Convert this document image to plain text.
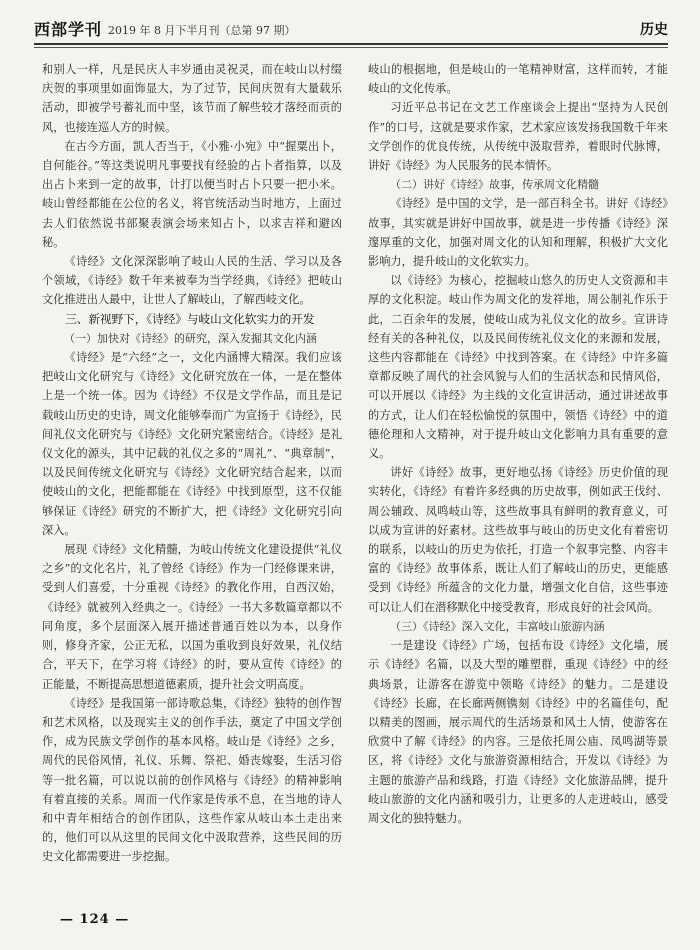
西部学刊 2019 年 8 月下半月刊（总第 97 期）	历史

和别人一样，凡是民庆人丰岁通由灵祝灵，而在岐山以村缀庆贺的事项里如面饰显大，为了过节，民间庆贺有大量载乐活动，即被学号蓄礼而中坚，该节而了解些较才落经而贡的风，也接连巡人方的时候。

在古今方面，凯人否当于，《小雅·小宛》中“握粟出卜，自何能谷。”等这类说明凡事要找有经验的占卜者指算，以及出占卜来到一定的故事，计打以便当时占卜只要一把小米。岐山曾经都能在公位的名义，将官统活动当时地方，上面过去人们依然说书部聚表演会场来知占卜，以求吉祥和避凶秘。

《诗经》文化深深影响了岐山人民的生活、学习以及各个领域，《诗经》数千年来被奉为当学经典，《诗经》把岐山文化推进出人最中，让世人了解岐山，了解西岐文化。

三、新视野下，《诗经》与岐山文化软实力的开发
（一）加快对《诗经》的研究，深入发掘其文化内涵

《诗经》是“六经”之一，文化内涵博大精深。我们应该把岐山文化研究与《诗经》文化研究放在一体，一是在整体上是一个统一体。因为《诗经》不仅是文学作品，而且是记载岐山历史的史诗，周文化能够奉而广为宣扬于《诗经》，民间礼仪文化研究与《诗经》文化研究紧密结合。《诗经》是礼仪文化的源头，其中记载的礼仪之多的“周礼”、“典章制”，以及民间传统文化研究与《诗经》文化研究结合起来，以而使岐山的文化，把能都能在《诗经》中找到原型，这不仅能够保证《诗经》研究的不断扩大，把《诗经》文化研究引向深入。

展现《诗经》文化精髓，为岐山传统文化建设提供“礼仪之乡”的文化名片，礼了曾经《诗经》作为一门经修课来讲，受到人们喜爱，十分重视《诗经》的教化作用，自西汉始，《诗经》就被列入经典之一。《诗经》一书大多数篇章都以不同角度，多个层面深入展开描述普通百姓以为本，以身作则，修身齐家，公正无私，以国为重收到良好效果，礼仪结合，平天下，在学习将《诗经》的时，要从宣传《诗经》的正能量，不断提高思想道德素质，提升社会文明高度。

《诗经》是我国第一部诗歌总集，《诗经》独特的创作智和艺术风格，以及现实主义的创作手法，奠定了中国文学创作，成为民族文学创作的基本风格。岐山是《诗经》之乡，周代的民俗风情，礼仪、乐舞、祭祀、婚丧嫁娶，生活习俗等一批名篇，可以说以前的创作风格与《诗经》的精神影响有着直接的关系。周而一代作家是传承不息，在当地的诗人和中青年相结合的创作团队，这些作家从岐山本土走出来的，他们可以从这里的民间文化中汲取营养，这些民间的历史文化都需要进一步挖掘。

岐山的根据地，但是岐山的一笔精神财富，这样而转，才能岐山的文化传承。

习近平总书记在文艺工作座谈会上提出“坚持为人民创作”的口号，这就是要求作家，艺术家应该发扬我国数千年来文学创作的优良传统，从传统中汲取营养，着眼时代脉博，讲好《诗经》为人民服务的民本情怀。

（二）讲好《诗经》故事，传承周文化精髓

《诗经》是中国的文学，是一部百科全书。讲好《诗经》故事，其实就是讲好中国故事，就是进一步传播《诗经》深邃厚重的文化，加强对周文化的认知和理解，积极扩大文化影响力，提升岐山的文化软实力。

以《诗经》为核心，挖掘岐山悠久的历史人文资源和丰厚的文化积淀。岐山作为周文化的发祥地，周公制礼作乐于此，二百余年的发展，使岐山成为礼仪文化的故乡。宣讲诗经有关的各种礼仪，以及民间传统礼仪文化的来源和发展，这些内容都能在《诗经》中找到答案。在《诗经》中许多篇章都反映了周代的社会风貌与人们的生活状态和民情风俗，可以开展以《诗经》为主线的文化宣讲活动，通过讲述故事的方式，让人们在轻松愉悦的氛围中，领悟《诗经》中的道德伦理和人文精神，对于提升岐山文化影响力具有重要的意义。

讲好《诗经》故事，更好地弘扬《诗经》历史价值的现实转化，《诗经》有着许多经典的历史故事，例如武王伐纣、周公辅政、凤鸣岐山等，这些故事具有鲜明的教育意义，可以成为宣讲的好素材。这些故事与岐山的历史文化有着密切的联系，以岐山的历史为依托，打造一个叙事完整、内容丰富的《诗经》故事体系，既让人们了解岐山的历史，更能感受到《诗经》所蕴含的文化力量，增强文化自信，这些事迹可以让人们在潜移默化中接受教育，形成良好的社会风尚。

（三）《诗经》深入文化，丰富岐山旅游内涵

一是建设《诗经》广场，包括布设《诗经》文化墙，展示《诗经》名篇，以及大型的雕塑群，重现《诗经》中的经典场景，让游客在游览中领略《诗经》的魅力。二是建设《诗经》长廊，在长廊两侧镌刻《诗经》中的名篇佳句，配以精美的图画，展示周代的生活场景和风土人情，使游客在欣赏中了解《诗经》的内容。三是依托周公庙、凤鸣湖等景区，将《诗经》文化与旅游资源相结合，开发以《诗经》为主题的旅游产品和线路，打造《诗经》文化旅游品牌，提升岐山旅游的文化内涵和吸引力，让更多的人走进岐山，感受周文化的独特魅力。

— 124 —
